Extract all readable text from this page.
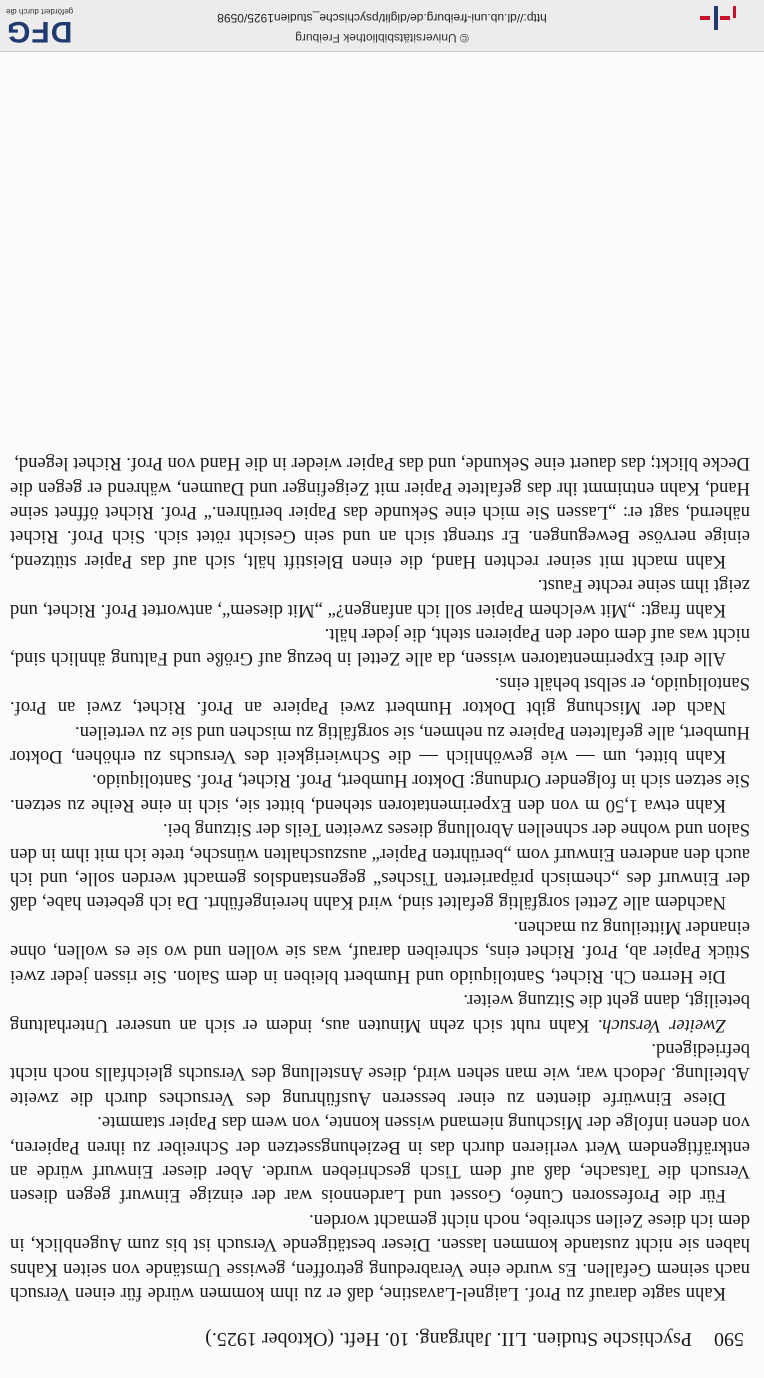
590
Psychische Studien. LII. Jahrgang. 10. Heft. (Oktober 1925.)

Kahn sagte darauf zu Prof. Laignel-Lavastine, daß er zu ihm kommen würde für einen Versuch nach seinem Gefallen. Es wurde eine Verabredung getroffen, gewisse Umstände von seiten Kahns haben sie nicht zustande kommen lassen. Dieser bestätigende Versuch ist bis zum Augenblick, in dem ich diese Zeilen schreibe, noch nicht gemacht worden.

Für die Professoren Cunéo, Gosset und Lardennois war der einzige Einwurf gegen diesen Versuch die Tatsache, daß auf dem Tisch geschrieben wurde. Aber dieser Einwurf würde an entkräftigendem Wert verlieren durch das in Beziehungssetzen der Schreiber zu ihren Papieren, von denen infolge der Mischung niemand wissen konnte, von wem das Papier stammte.

Diese Einwürfe dienten zu einer besseren Ausführung des Versuches durch die zweite Abteilung. Jedoch war, wie man sehen wird, diese Anstellung des Versuchs gleichfalls noch nicht befriedigend.

Zweiter Versuch. Kahn ruht sich zehn Minuten aus, indem er sich an unserer Unterhaltung beteiligt, dann geht die Sitzung weiter.

Die Herren Ch. Richet, Santoliquido und Humbert bleiben in dem Salon. Sie rissen jeder zwei Stück Papier ab, Prof. Richet eins, schreiben darauf, was sie wollen und wo sie es wollen, ohne einander Mitteilung zu machen.

Nachdem alle Zettel sorgfältig gefaltet sind, wird Kahn hereingeführt. Da ich gebeten habe, daß der Einwurf des „chemisch präparierten Tisches“ gegenstandslos gemacht werden solle, und ich auch den anderen Einwurf vom „berührten Papier“ auszuschalten wünsche, trete ich mit ihm in den Salon und wohne der schnellen Abrollung dieses zweiten Teils der Sitzung bei.

Kahn etwa 1,50 m von den Experimentatoren stehend, bittet sie, sich in eine Reihe zu setzen. Sie setzen sich in folgender Ordnung: Doktor Humbert, Prof. Richet, Prof. Santoliquido.

Kahn bittet, um — wie gewöhnlich — die Schwierigkeit des Versuchs zu erhöhen, Doktor Humbert, alle gefalteten Papiere zu nehmen, sie sorgfältig zu mischen und sie zu verteilen.

Nach der Mischung gibt Doktor Humbert zwei Papiere an Prof. Richet, zwei an Prof. Santoliquido, er selbst behält eins.

Alle drei Experimentatoren wissen, da alle Zettel in bezug auf Größe und Faltung ähnlich sind, nicht was auf dem oder den Papieren steht, die jeder hält.

Kahn fragt: „Mit welchem Papier soll ich anfangen?“ „Mit diesem“, antwortet Prof. Richet, und zeigt ihm seine rechte Faust.

Kahn macht mit seiner rechten Hand, die einen Bleistift hält, sich auf das Papier stützend, einige nervöse Bewegungen. Er strengt sich an und sein Gesicht rötet sich. Sich Prof. Richet nähernd, sagt er: „Lassen Sie mich eine Sekunde das Papier berühren.“ Prof. Richet öffnet seine Hand, Kahn entnimmt ihr das gefaltete Papier mit Zeigefinger und Daumen, während er gegen die Decke blickt; das dauert eine Sekunde, und das Papier wieder in die Hand von Prof. Richet legend,

DFG
gefördert durch die
© Universitätsbibliothek Freiburg
http://dl.ub.uni-freiburg.de/diglit/psychische_studien1925/0598
